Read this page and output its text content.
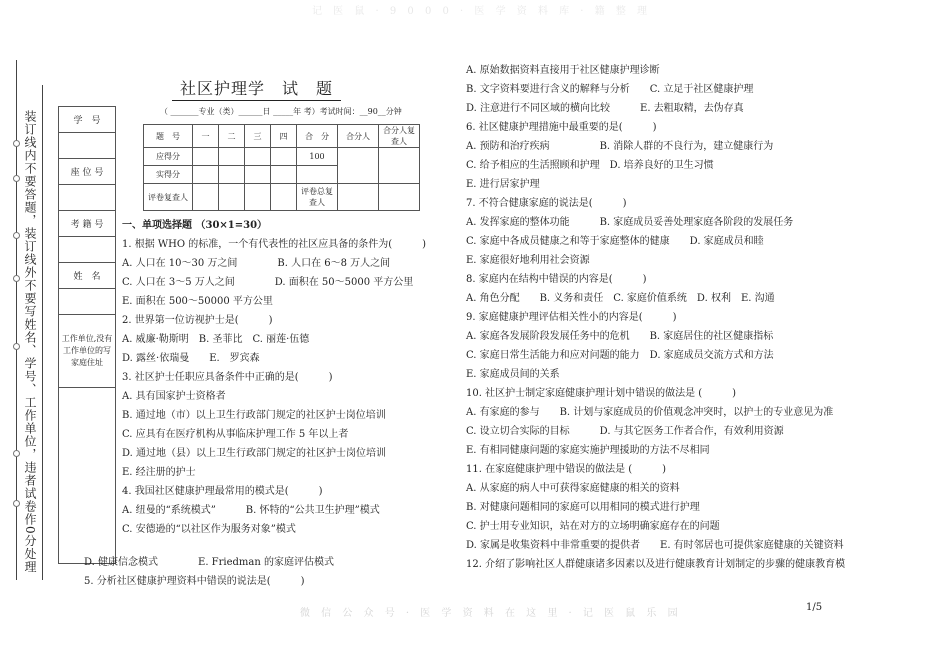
记 医 鼠 · 9 0 0 0 · 医 学 资 料 库 · 籍 整 理
微 信 公 众 号 · 医 学 资 料 在 这 里 · 记 医 鼠 乐 园
1/5
装订线内不要答题，装订线外不要写姓名、学号、工作单位，违者试卷作0分处理	学　号

座 位 号

考 籍 号

姓　名

工作单位,没有工作单位的写家庭住址

社区护理学　试　题
（ _______专业（类）______日 _____年 考）考试时间：__90__分钟
题　号	一	二	三	四	合　分	合分人	合分人复查人
应得分					100		
实得分							
评卷复查人					评卷总复查人		
一、单项选择题 （30×1=30）
1. 根据 WHO 的标准，一个有代表性的社区应具备的条件为(　　　)
A. 人口在 10～30 万之间　　　　B. 人口在 6～8 万人之间
C. 人口在 3～5 万人之间　　　　D. 面积在 50～5000 平方公里
E. 面积在 500～50000 平方公里
2. 世界第一位访视护士是(　　　)
A. 威廉·勒斯明　B. 圣菲比　C. 丽莲·伍德
D. 露丝·依瑞曼　　E.　罗宾森
3. 社区护士任职应具备条件中正确的是(　　　)
A. 具有国家护士资格者
B. 通过地（市）以上卫生行政部门规定的社区护士岗位培训
C. 应具有在医疗机构从事临床护理工作 5 年以上者
D. 通过地（县）以上卫生行政部门规定的社区护士岗位培训
E. 经注册的护士
4. 我国社区健康护理最常用的模式是(　　　)
A. 纽曼的“系统模式”　　　B. 怀特的“公共卫生护理”模式
C. 安德逊的“以社区作为服务对象”模式
D. 健康信念模式　　　　E. Friedman 的家庭评估模式
5. 分析社区健康护理资料中错误的说法是(　　　)
A. 原始数据资料直接用于社区健康护理诊断
B. 文字资料要进行含义的解释与分析　　C. 立足于社区健康护理
D. 注意进行不同区域的横向比较　　　E. 去粗取精，去伪存真
6. 社区健康护理措施中最重要的是(　　　)
A. 预防和治疗疾病　　　　　B. 消除人群的不良行为，建立健康行为
C. 给予相应的生活照顾和护理　D. 培养良好的卫生习惯
E. 进行居家护理
7. 不符合健康家庭的说法是(　　　)
A. 发挥家庭的整体功能　　　B. 家庭成员妥善处理家庭各阶段的发展任务
C. 家庭中各成员健康之和等于家庭整体的健康　　D. 家庭成员和睦
E. 家庭很好地利用社会资源
8. 家庭内在结构中错误的内容是(　　　)
A. 角色分配　　B. 义务和责任　C. 家庭价值系统　D. 权利　E. 沟通
9. 家庭健康护理评估相关性小的内容是(　　　)
A. 家庭各发展阶段发展任务中的危机　　B. 家庭居住的社区健康指标
C. 家庭日常生活能力和应对问题的能力　D. 家庭成员交流方式和方法
E. 家庭成员间的关系
10. 社区护士制定家庭健康护理计划中错误的做法是 (　　　)
A. 有家庭的参与　　B. 计划与家庭成员的价值观念冲突时，以护士的专业意见为准
C. 设立切合实际的目标　　　D. 与其它医务工作者合作，有效利用资源
E. 有相同健康问题的家庭实施护理援助的方法不尽相同
11. 在家庭健康护理中错误的做法是 (　　　)
A. 从家庭的病人中可获得家庭健康的相关的资料
B. 对健康问题相同的家庭可以用相同的模式进行护理
C. 护士用专业知识，站在对方的立场明确家庭存在的问题
D. 家属是收集资料中非常重要的提供者　　E. 有时邻居也可提供家庭健康的关键资料
12. 介绍了影响社区人群健康诸多因素以及进行健康教育计划制定的步骤的健康教育模
